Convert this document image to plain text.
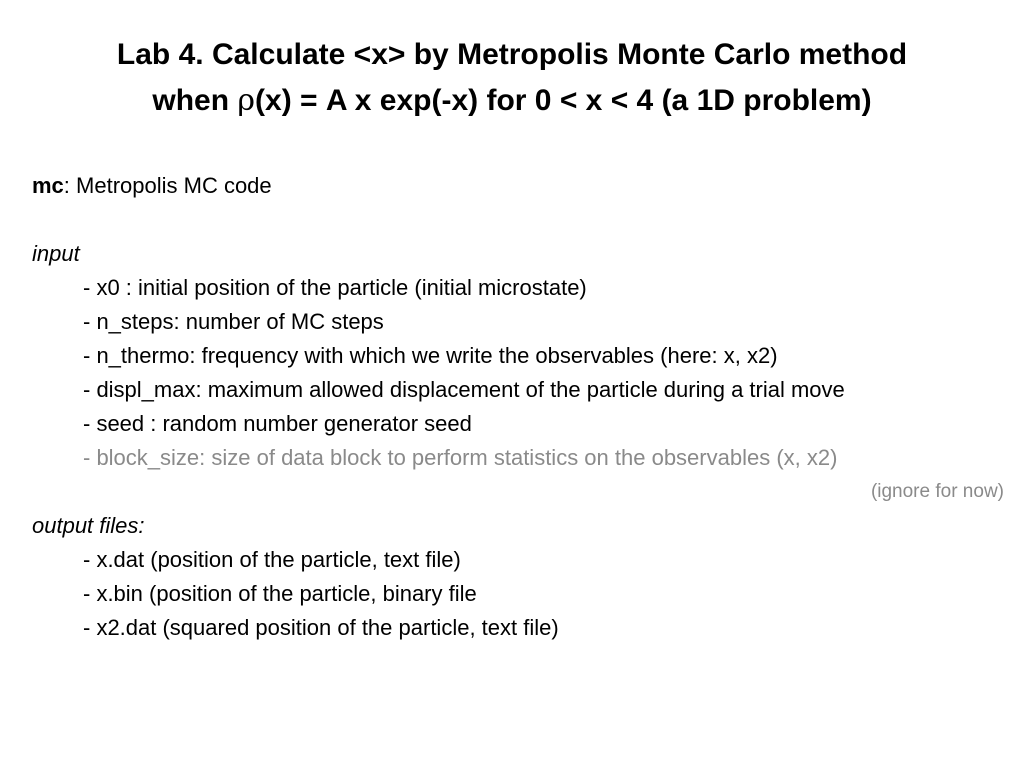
Lab 4. Calculate <x> by Metropolis Monte Carlo method
when ρ(x) = A x exp(-x) for 0 < x < 4 (a 1D problem)
mc: Metropolis MC code
input
- x0 : initial position of the particle (initial microstate)
- n_steps: number of MC steps
- n_thermo: frequency with which we write the observables (here: x, x2)
- displ_max: maximum allowed displacement of the particle during a trial move
- seed : random number generator seed
- block_size: size of data block to perform statistics on the observables (x, x2)
(ignore for now)
output files:
- x.dat (position of the particle, text file)
- x.bin (position of the particle, binary file
- x2.dat (squared position of the particle, text file)
